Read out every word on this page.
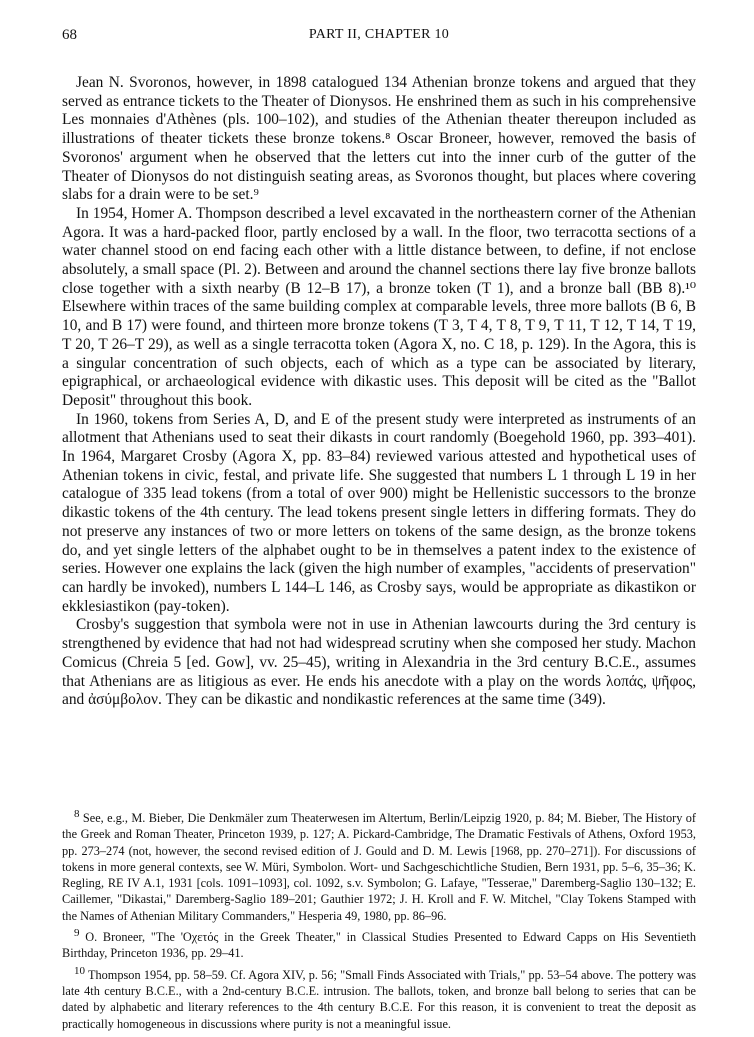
68	PART II, CHAPTER 10

Jean N. Svoronos, however, in 1898 catalogued 134 Athenian bronze tokens and argued that they served as entrance tickets to the Theater of Dionysos. He enshrined them as such in his comprehensive Les monnaies d'Athènes (pls. 100–102), and studies of the Athenian theater thereupon included as illustrations of theater tickets these bronze tokens.⁸ Oscar Broneer, however, removed the basis of Svoronos' argument when he observed that the letters cut into the inner curb of the gutter of the Theater of Dionysos do not distinguish seating areas, as Svoronos thought, but places where covering slabs for a drain were to be set.⁹

In 1954, Homer A. Thompson described a level excavated in the northeastern corner of the Athenian Agora. It was a hard-packed floor, partly enclosed by a wall. In the floor, two terracotta sections of a water channel stood on end facing each other with a little distance between, to define, if not enclose absolutely, a small space (Pl. 2). Between and around the channel sections there lay five bronze ballots close together with a sixth nearby (B 12–B 17), a bronze token (T 1), and a bronze ball (BB 8).¹⁰ Elsewhere within traces of the same building complex at comparable levels, three more ballots (B 6, B 10, and B 17) were found, and thirteen more bronze tokens (T 3, T 4, T 8, T 9, T 11, T 12, T 14, T 19, T 20, T 26–T 29), as well as a single terracotta token (Agora X, no. C 18, p. 129). In the Agora, this is a singular concentration of such objects, each of which as a type can be associated by literary, epigraphical, or archaeological evidence with dikastic uses. This deposit will be cited as the "Ballot Deposit" throughout this book.

In 1960, tokens from Series A, D, and E of the present study were interpreted as instruments of an allotment that Athenians used to seat their dikasts in court randomly (Boegehold 1960, pp. 393–401). In 1964, Margaret Crosby (Agora X, pp. 83–84) reviewed various attested and hypothetical uses of Athenian tokens in civic, festal, and private life. She suggested that numbers L 1 through L 19 in her catalogue of 335 lead tokens (from a total of over 900) might be Hellenistic successors to the bronze dikastic tokens of the 4th century. The lead tokens present single letters in differing formats. They do not preserve any instances of two or more letters on tokens of the same design, as the bronze tokens do, and yet single letters of the alphabet ought to be in themselves a patent index to the existence of series. However one explains the lack (given the high number of examples, "accidents of preservation" can hardly be invoked), numbers L 144–L 146, as Crosby says, would be appropriate as dikastikon or ekklesiastikon (pay-token).

Crosby's suggestion that symbola were not in use in Athenian lawcourts during the 3rd century is strengthened by evidence that had not had widespread scrutiny when she composed her study. Machon Comicus (Chreia 5 [ed. Gow], vv. 25–45), writing in Alexandria in the 3rd century B.C.E., assumes that Athenians are as litigious as ever. He ends his anecdote with a play on the words λοπάς, ψῆφος, and ἀσύμβολον. They can be dikastic and nondikastic references at the same time (349).

$^8$ See, e.g., M. Bieber, Die Denkmäler zum Theaterwesen im Altertum, Berlin/Leipzig 1920, p. 84; M. Bieber, The History of the Greek and Roman Theater, Princeton 1939, p. 127; A. Pickard-Cambridge, The Dramatic Festivals of Athens, Oxford 1953, pp. 273–274 (not, however, the second revised edition of J. Gould and D. M. Lewis [1968, pp. 270–271]). For discussions of tokens in more general contexts, see W. Müri, Symbolon. Wort- und Sachgeschichtliche Studien, Bern 1931, pp. 5–6, 35–36; K. Regling, RE IV A.1, 1931 [cols. 1091–1093], col. 1092, s.v. Symbolon; G. Lafaye, "Tesserae," Daremberg-Saglio 130–132; E. Caillemer, "Dikastai," Daremberg-Saglio 189–201; Gauthier 1972; J. H. Kroll and F. W. Mitchel, "Clay Tokens Stamped with the Names of Athenian Military Commanders," Hesperia 49, 1980, pp. 86–96.

$^9$ O. Broneer, "The 'Οχετός in the Greek Theater," in Classical Studies Presented to Edward Capps on His Seventieth Birthday, Princeton 1936, pp. 29–41.

$^{10}$ Thompson 1954, pp. 58–59. Cf. Agora XIV, p. 56; "Small Finds Associated with Trials," pp. 53–54 above. The pottery was late 4th century B.C.E., with a 2nd-century B.C.E. intrusion. The ballots, token, and bronze ball belong to series that can be dated by alphabetic and literary references to the 4th century B.C.E. For this reason, it is convenient to treat the deposit as practically homogeneous in discussions where purity is not a meaningful issue.
